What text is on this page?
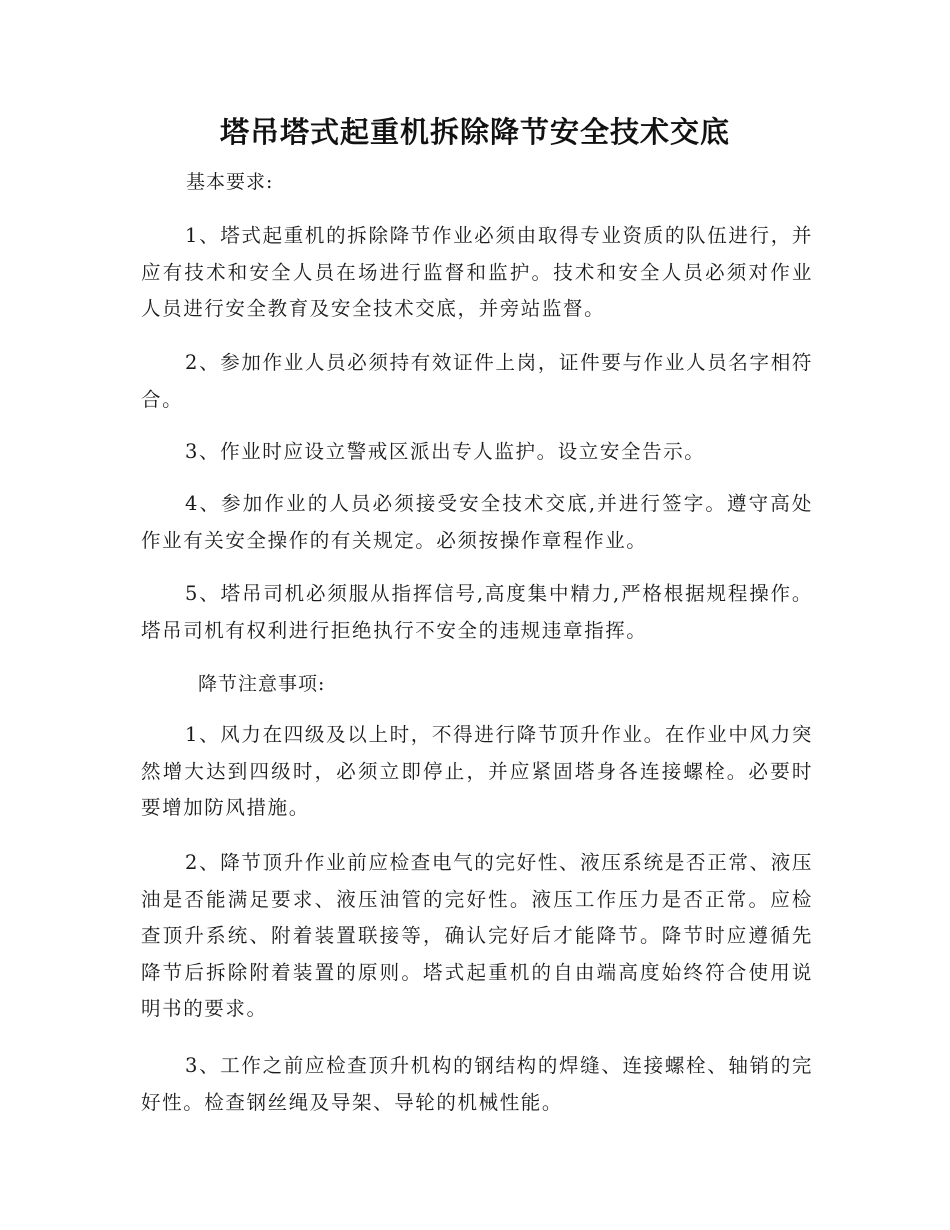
塔吊塔式起重机拆除降节安全技术交底
基本要求:

1、塔式起重机的拆除降节作业必须由取得专业资质的队伍进行，并应有技术和安全人员在场进行监督和监护。技术和安全人员必须对作业人员进行安全教育及安全技术交底，并旁站监督。

2、参加作业人员必须持有效证件上岗，证件要与作业人员名字相符合。

3、作业时应设立警戒区派出专人监护。设立安全告示。

4、参加作业的人员必须接受安全技术交底,并进行签字。遵守高处作业有关安全操作的有关规定。必须按操作章程作业。

5、塔吊司机必须服从指挥信号,高度集中精力,严格根据规程操作。塔吊司机有权利进行拒绝执行不安全的违规违章指挥。

降节注意事项:

1、风力在四级及以上时，不得进行降节顶升作业。在作业中风力突然增大达到四级时，必须立即停止，并应紧固塔身各连接螺栓。必要时要增加防风措施。

2、降节顶升作业前应检查电气的完好性、液压系统是否正常、液压油是否能满足要求、液压油管的完好性。液压工作压力是否正常。应检查顶升系统、附着装置联接等，确认完好后才能降节。降节时应遵循先降节后拆除附着装置的原则。塔式起重机的自由端高度始终符合使用说明书的要求。

3、工作之前应检查顶升机构的钢结构的焊缝、连接螺栓、轴销的完好性。检查钢丝绳及导架、导轮的机械性能。
